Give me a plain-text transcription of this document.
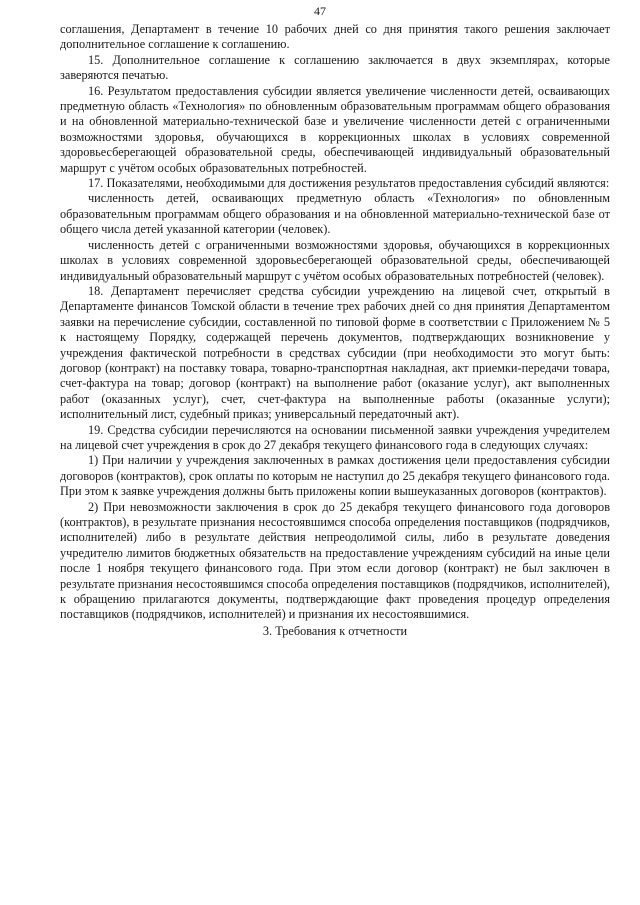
47

соглашения, Департамент в течение 10 рабочих дней со дня принятия такого решения заключает дополнительное соглашение к соглашению.

15. Дополнительное соглашение к соглашению заключается в двух экземплярах, которые заверяются печатью.

16. Результатом предоставления субсидии является увеличение численности детей, осваивающих предметную область «Технология» по обновленным образовательным программам общего образования и на обновленной материально-технической базе и увеличение численности детей с ограниченными возможностями здоровья, обучающихся в коррекционных школах в условиях современной здоровьесберегающей образовательной среды, обеспечивающей индивидуальный образовательный маршрут с учётом особых образовательных потребностей.

17. Показателями, необходимыми для достижения результатов предоставления субсидий являются:

численность детей, осваивающих предметную область «Технология» по обновленным образовательным программам общего образования и на обновленной материально-технической базе от общего числа детей указанной категории (человек).

численность детей с ограниченными возможностями здоровья, обучающихся в коррекционных школах в условиях современной здоровьесберегающей образовательной среды, обеспечивающей индивидуальный образовательный маршрут с учётом особых образовательных потребностей (человек).

18. Департамент перечисляет средства субсидии учреждению на лицевой счет, открытый в Департаменте финансов Томской области в течение трех рабочих дней со дня принятия Департаментом заявки на перечисление субсидии, составленной по типовой форме в соответствии с Приложением № 5 к настоящему Порядку, содержащей перечень документов, подтверждающих возникновение у учреждения фактической потребности в средствах субсидии (при необходимости это могут быть: договор (контракт) на поставку товара, товарно-транспортная накладная, акт приемки-передачи товара, счет-фактура на товар; договор (контракт) на выполнение работ (оказание услуг), акт выполненных работ (оказанных услуг), счет, счет-фактура на выполненные работы (оказанные услуги); исполнительный лист, судебный приказ; универсальный передаточный акт).

19. Средства субсидии перечисляются на основании письменной заявки учреждения учредителем на лицевой счет учреждения в срок до 27 декабря текущего финансового года в следующих случаях:

1) При наличии у учреждения заключенных в рамках достижения цели предоставления субсидии договоров (контрактов), срок оплаты по которым не наступил до 25 декабря текущего финансового года. При этом к заявке учреждения должны быть приложены копии вышеуказанных договоров (контрактов).

2) При невозможности заключения в срок до 25 декабря текущего финансового года договоров (контрактов), в результате признания несостоявшимся способа определения поставщиков (подрядчиков, исполнителей) либо в результате действия непреодолимой силы, либо в результате доведения учредителю лимитов бюджетных обязательств на предоставление учреждениям субсидий на иные цели после 1 ноября текущего финансового года. При этом если договор (контракт) не был заключен в результате признания несостоявшимся способа определения поставщиков (подрядчиков, исполнителей), к обращению прилагаются документы, подтверждающие факт проведения процедур определения поставщиков (подрядчиков, исполнителей) и признания их несостоявшимися.

3. Требования к отчетности
